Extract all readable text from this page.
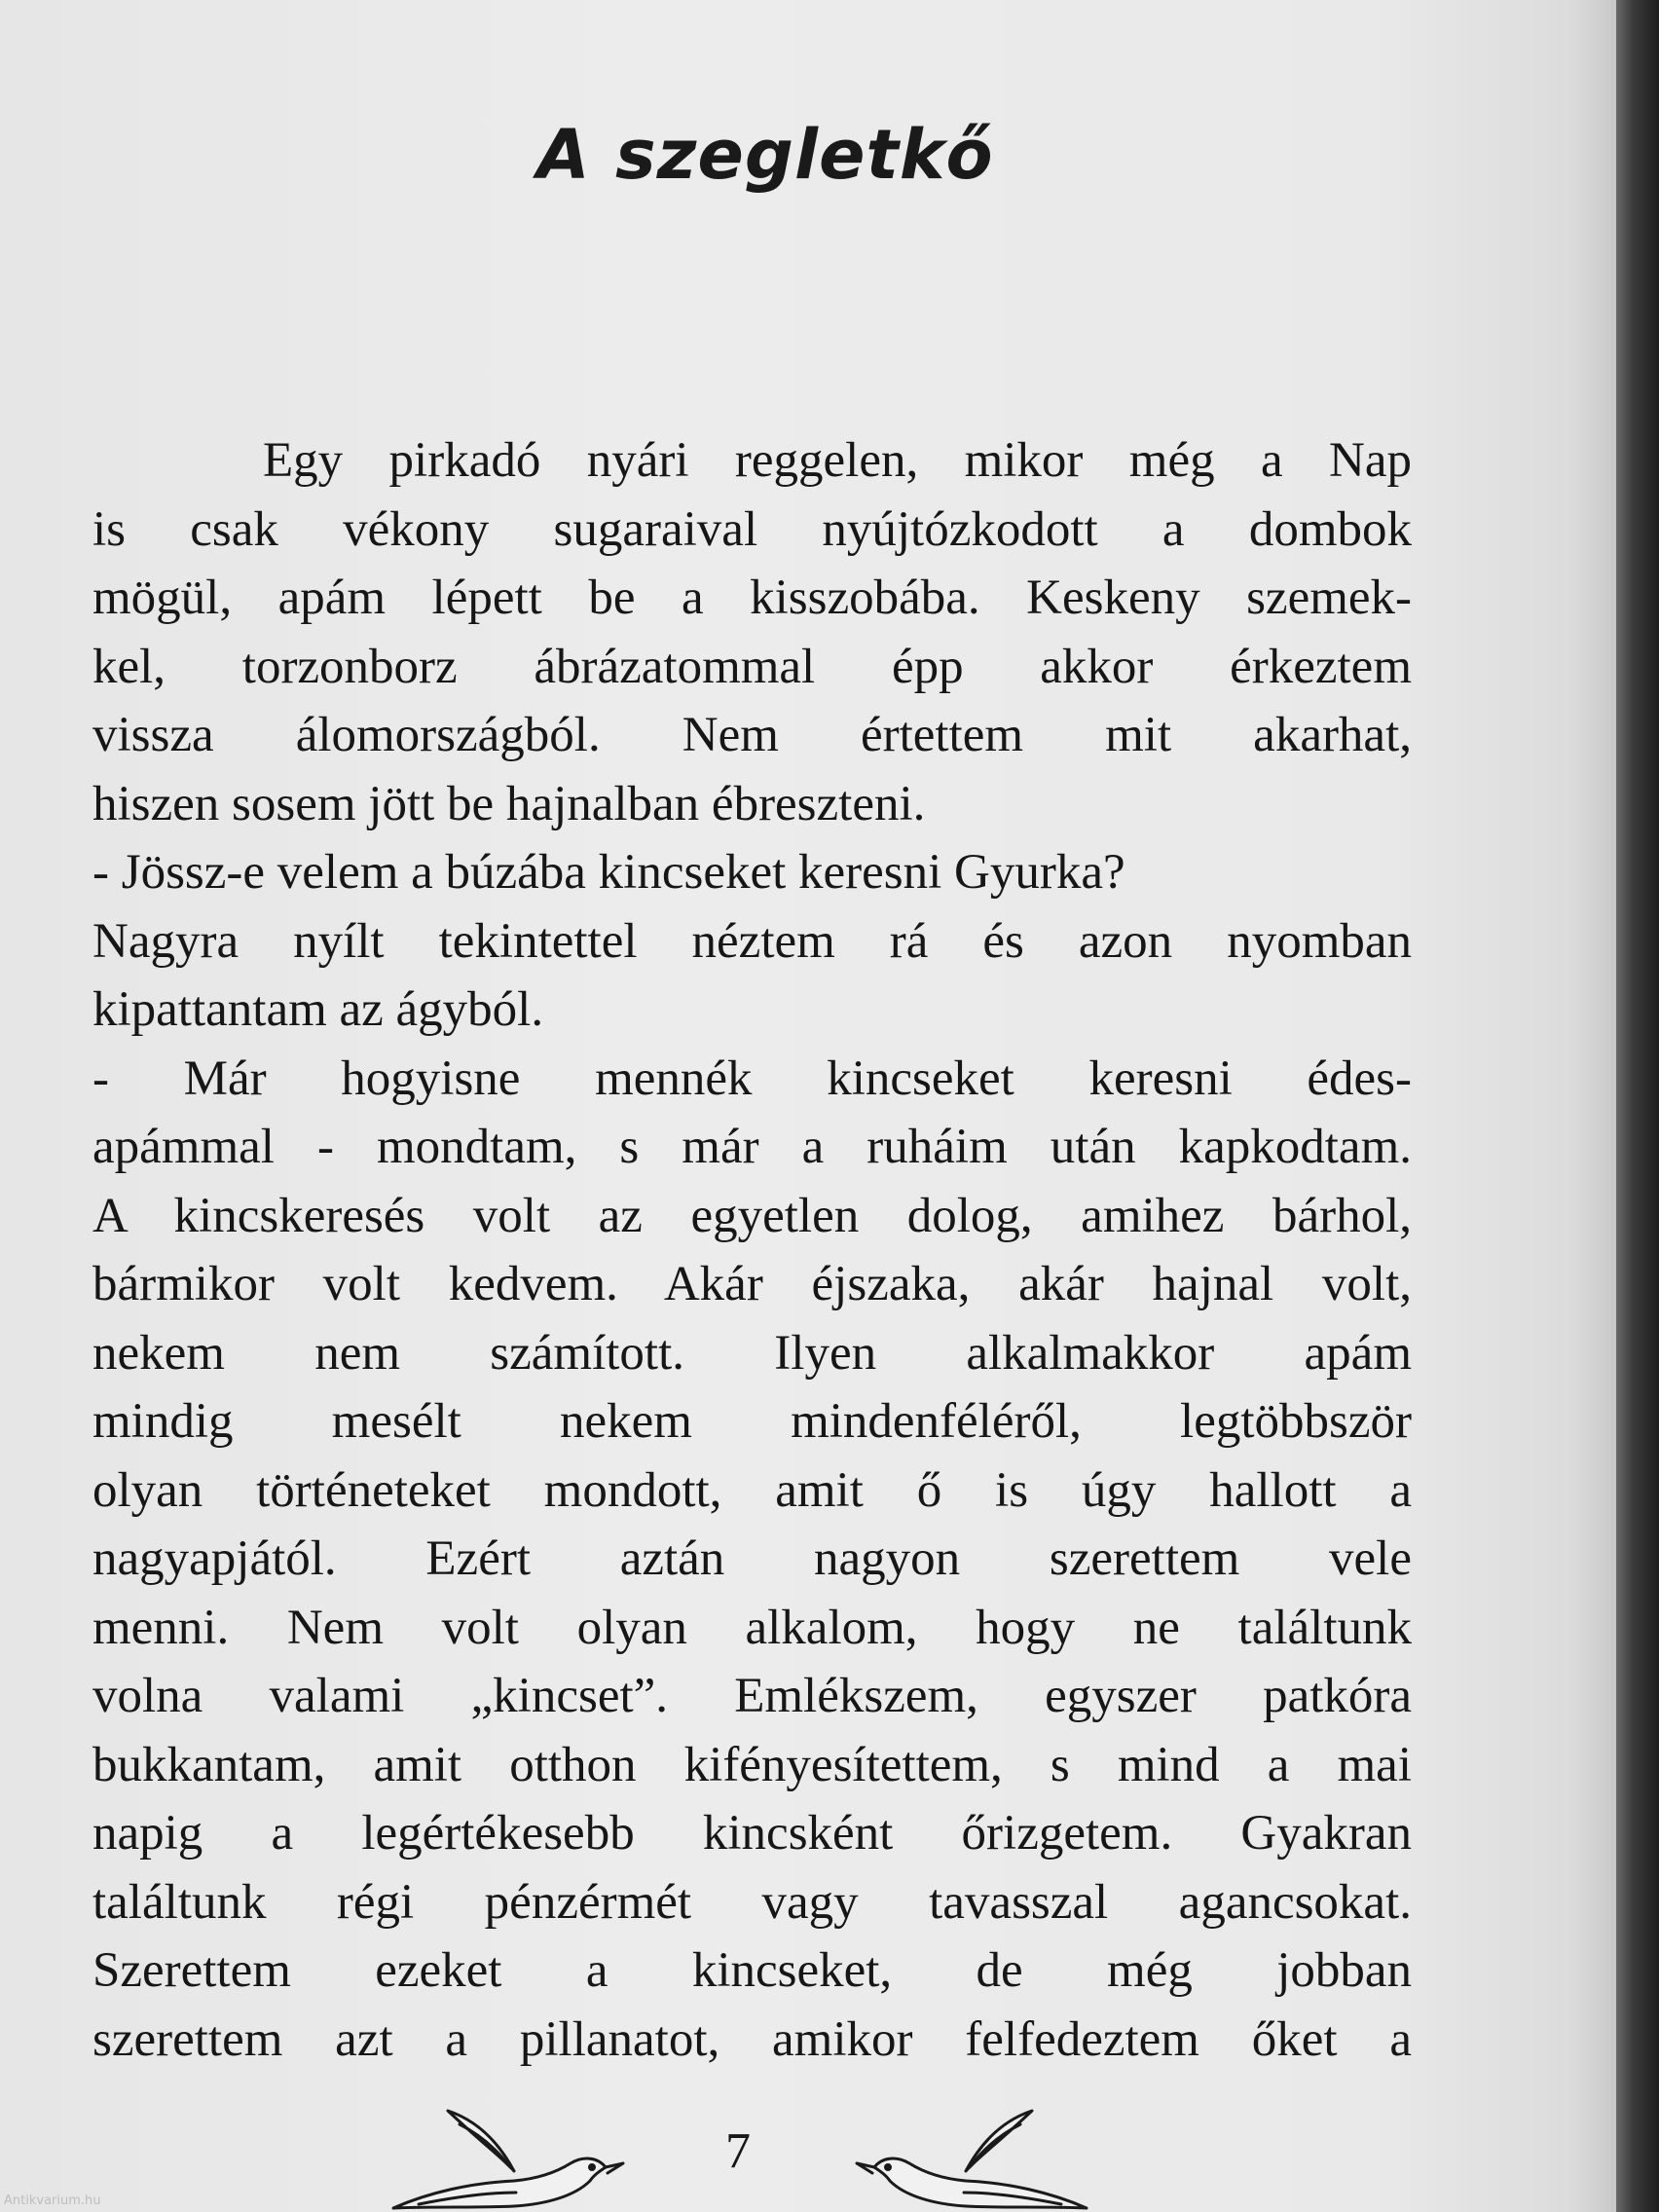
A szegletkő
Egy pirkadó nyári reggelen, mikor még a Nap
is csak vékony sugaraival nyújtózkodott a dombok
mögül, apám lépett be a kisszobába. Keskeny szemek-
kel, torzonborz ábrázatommal épp akkor érkeztem
vissza álomországból. Nem értettem mit akarhat,
hiszen sosem jött be hajnalban ébreszteni.
- Jössz-e velem a búzába kincseket keresni Gyurka?
Nagyra nyílt tekintettel néztem rá és azon nyomban
kipattantam az ágyból.
- Már hogyisne mennék kincseket keresni édes-
apámmal - mondtam, s már a ruháim után kapkodtam.
A kincskeresés volt az egyetlen dolog, amihez bárhol,
bármikor volt kedvem. Akár éjszaka, akár hajnal volt,
nekem nem számított. Ilyen alkalmakkor apám
mindig mesélt nekem mindenféléről, legtöbbször
olyan történeteket mondott, amit ő is úgy hallott a
nagyapjától. Ezért aztán nagyon szerettem vele
menni. Nem volt olyan alkalom, hogy ne találtunk
volna valami „kincset”. Emlékszem, egyszer patkóra
bukkantam, amit otthon kifényesítettem, s mind a mai
napig a legértékesebb kincsként őrizgetem. Gyakran
találtunk régi pénzérmét vagy tavasszal agancsokat.
Szerettem ezeket a kincseket, de még jobban
szerettem azt a pillanatot, amikor felfedeztem őket a
7
Antikvarium.hu
